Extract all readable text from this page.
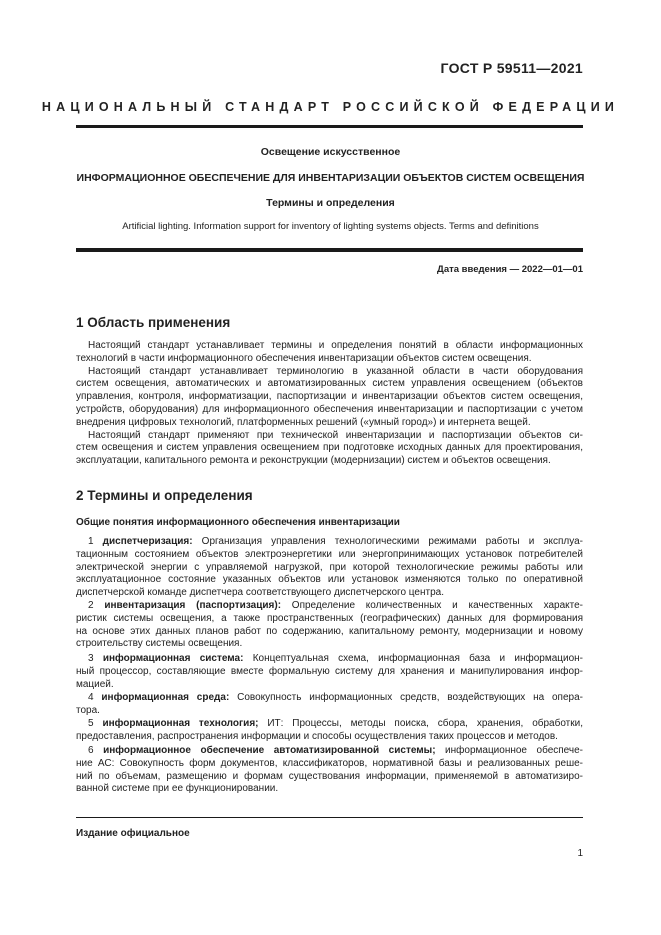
ГОСТ Р 59511—2021
НАЦИОНАЛЬНЫЙ СТАНДАРТ РОССИЙСКОЙ ФЕДЕРАЦИИ
Освещение искусственное
ИНФОРМАЦИОННОЕ ОБЕСПЕЧЕНИЕ ДЛЯ ИНВЕНТАРИЗАЦИИ ОБЪЕКТОВ СИСТЕМ ОСВЕЩЕНИЯ
Термины и определения
Artificial lighting. Information support for inventory of lighting systems objects. Terms and definitions
Дата введения — 2022—01—01
1 Область применения
Настоящий стандарт устанавливает термины и определения понятий в области информационных
технологий в части информационного обеспечения инвентаризации объектов систем освещения.
Настоящий стандарт устанавливает терминологию в указанной области в части оборудования
систем освещения, автоматических и автоматизированных систем управления освещением (объектов
управления, контроля, информатизации, паспортизации и инвентаризации объектов систем освещения,
устройств, оборудования) для информационного обеспечения инвентаризации и паспортизации с учетом
внедрения цифровых технологий, платформенных решений («умный город») и интернета вещей.
Настоящий стандарт применяют при технической инвентаризации и паспортизации объектов си-
стем освещения и систем управления освещением при подготовке исходных данных для проектирования,
эксплуатации, капитального ремонта и реконструкции (модернизации) систем и объектов освещения.
2 Термины и определения
Общие понятия информационного обеспечения инвентаризации
1 диспетчеризация: Организация управления технологическими режимами работы и эксплуа-
тационным состоянием объектов электроэнергетики или энергопринимающих установок потребителей
электрической энергии с управляемой нагрузкой, при которой технологические режимы работы или
эксплуатационное состояние указанных объектов или установок изменяются только по оперативной
диспетчерской команде диспетчера соответствующего диспетчерского центра.
2 инвентаризация (паспортизация): Определение количественных и качественных характе-
ристик системы освещения, а также пространственных (географических) данных для формирования
на основе этих данных планов работ по содержанию, капитальному ремонту, модернизации и новому
строительству системы освещения.
3 информационная система: Концептуальная схема, информационная база и информацион-
ный процессор, составляющие вместе формальную систему для хранения и манипулирования инфор-
мацией.
4 информационная среда: Совокупность информационных средств, воздействующих на опера-
тора.
5 информационная технология; ИТ: Процессы, методы поиска, сбора, хранения, обработки,
предоставления, распространения информации и способы осуществления таких процессов и методов.
6 информационное обеспечение автоматизированной системы; информационное обеспече-
ние АС: Совокупность форм документов, классификаторов, нормативной базы и реализованных реше-
ний по объемам, размещению и формам существования информации, применяемой в автоматизиро-
ванной системе при ее функционировании.
Издание официальное
1
